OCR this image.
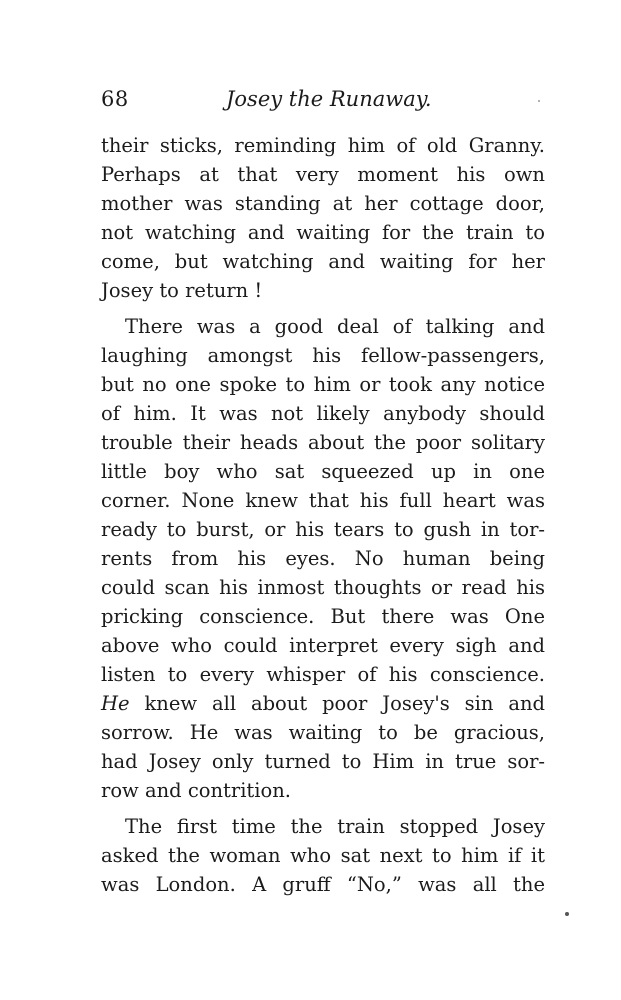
68	Josey the Runaway.
their sticks, reminding him of old Granny.
Perhaps at that very moment his own
mother was standing at her cottage door,
not watching and waiting for the train to
come, but watching and waiting for her
Josey to return !
There was a good deal of talking and
laughing amongst his fellow-passengers,
but no one spoke to him or took any notice
of him. It was not likely anybody should
trouble their heads about the poor solitary
little boy who sat squeezed up in one
corner. None knew that his full heart was
ready to burst, or his tears to gush in tor-
rents from his eyes. No human being
could scan his inmost thoughts or read his
pricking conscience. But there was One
above who could interpret every sigh and
listen to every whisper of his conscience.
He knew all about poor Josey's sin and
sorrow. He was waiting to be gracious,
had Josey only turned to Him in true sor-
row and contrition.
The first time the train stopped Josey
asked the woman who sat next to him if it
was London. A gruff “No,” was all the
